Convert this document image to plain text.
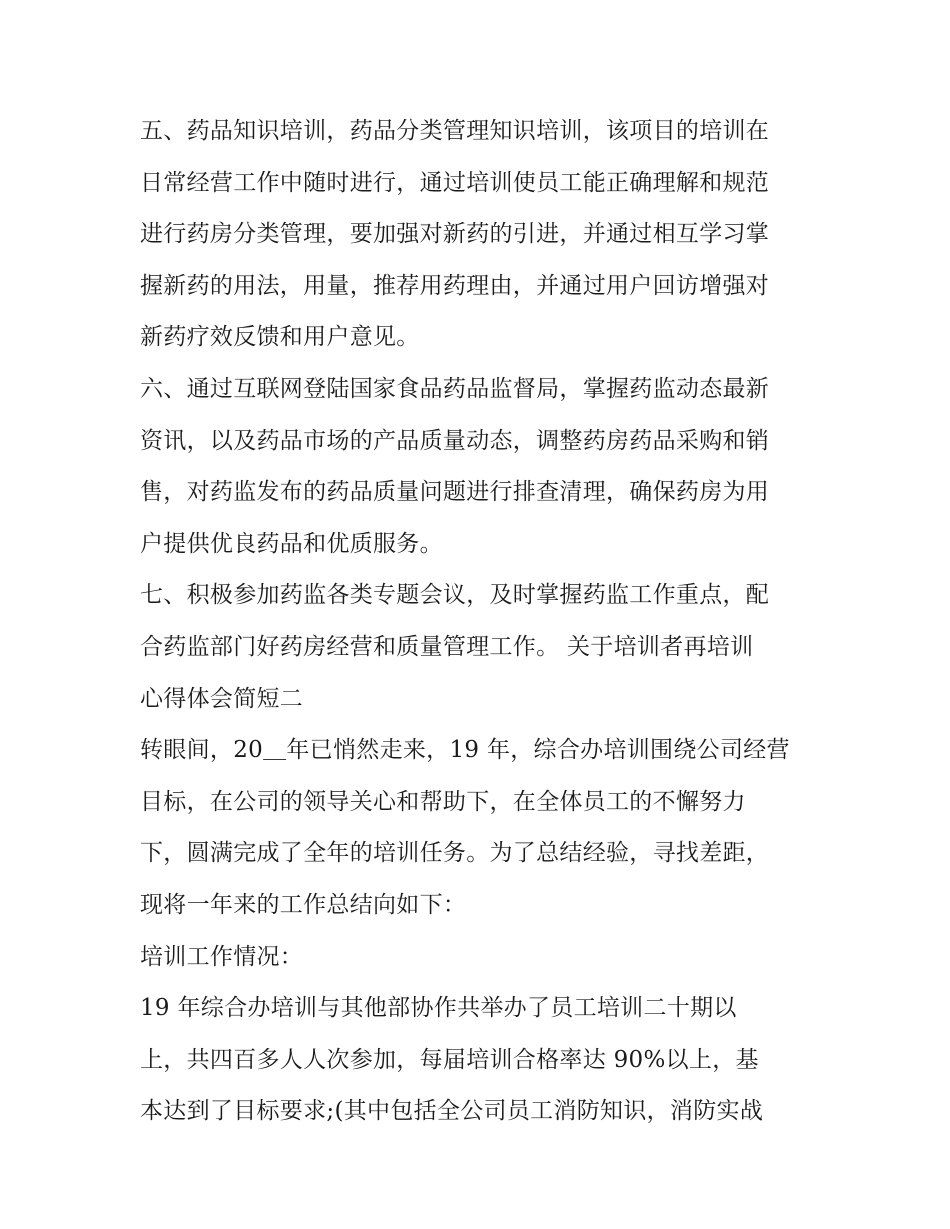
五、药品知识培训，药品分类管理知识培训，该项目的培训在
日常经营工作中随时进行，通过培训使员工能正确理解和规范
进行药房分类管理，要加强对新药的引进，并通过相互学习掌
握新药的用法，用量，推荐用药理由，并通过用户回访增强对
新药疗效反馈和用户意见。
六、通过互联网登陆国家食品药品监督局，掌握药监动态最新
资讯，以及药品市场的产品质量动态，调整药房药品采购和销
售，对药监发布的药品质量问题进行排查清理，确保药房为用
户提供优良药品和优质服务。
七、积极参加药监各类专题会议，及时掌握药监工作重点，配
合药监部门好药房经营和质量管理工作。 关于培训者再培训
心得体会简短二
转眼间，20＿年已悄然走来，19 年，综合办培训围绕公司经营
目标，在公司的领导关心和帮助下，在全体员工的不懈努力
下，圆满完成了全年的培训任务。为了总结经验，寻找差距，
现将一年来的工作总结向如下：
培训工作情况：
19 年综合办培训与其他部协作共举办了员工培训二十期以
上，共四百多人人次参加，每届培训合格率达 90%以上，基
本达到了目标要求;(其中包括全公司员工消防知识，消防实战
